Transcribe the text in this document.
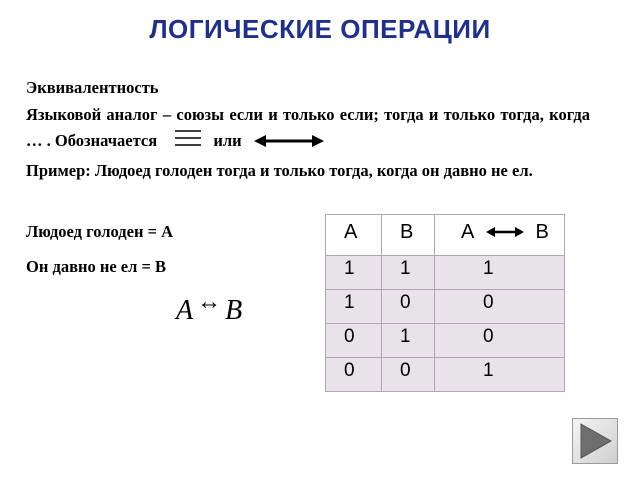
ЛОГИЧЕСКИЕ ОПЕРАЦИИ
Эквивалентность
Языковой аналог – союзы если и только если; тогда и только тогда, когда … . Обозначается	или
Пример: Людоед голоден тогда и только тогда, когда он давно не ел.
Людоед голоден = А
Он давно не ел = В
А	В	А В

1	1	1

1	0	0

0	1	0

0	0	1
A ↔ B
